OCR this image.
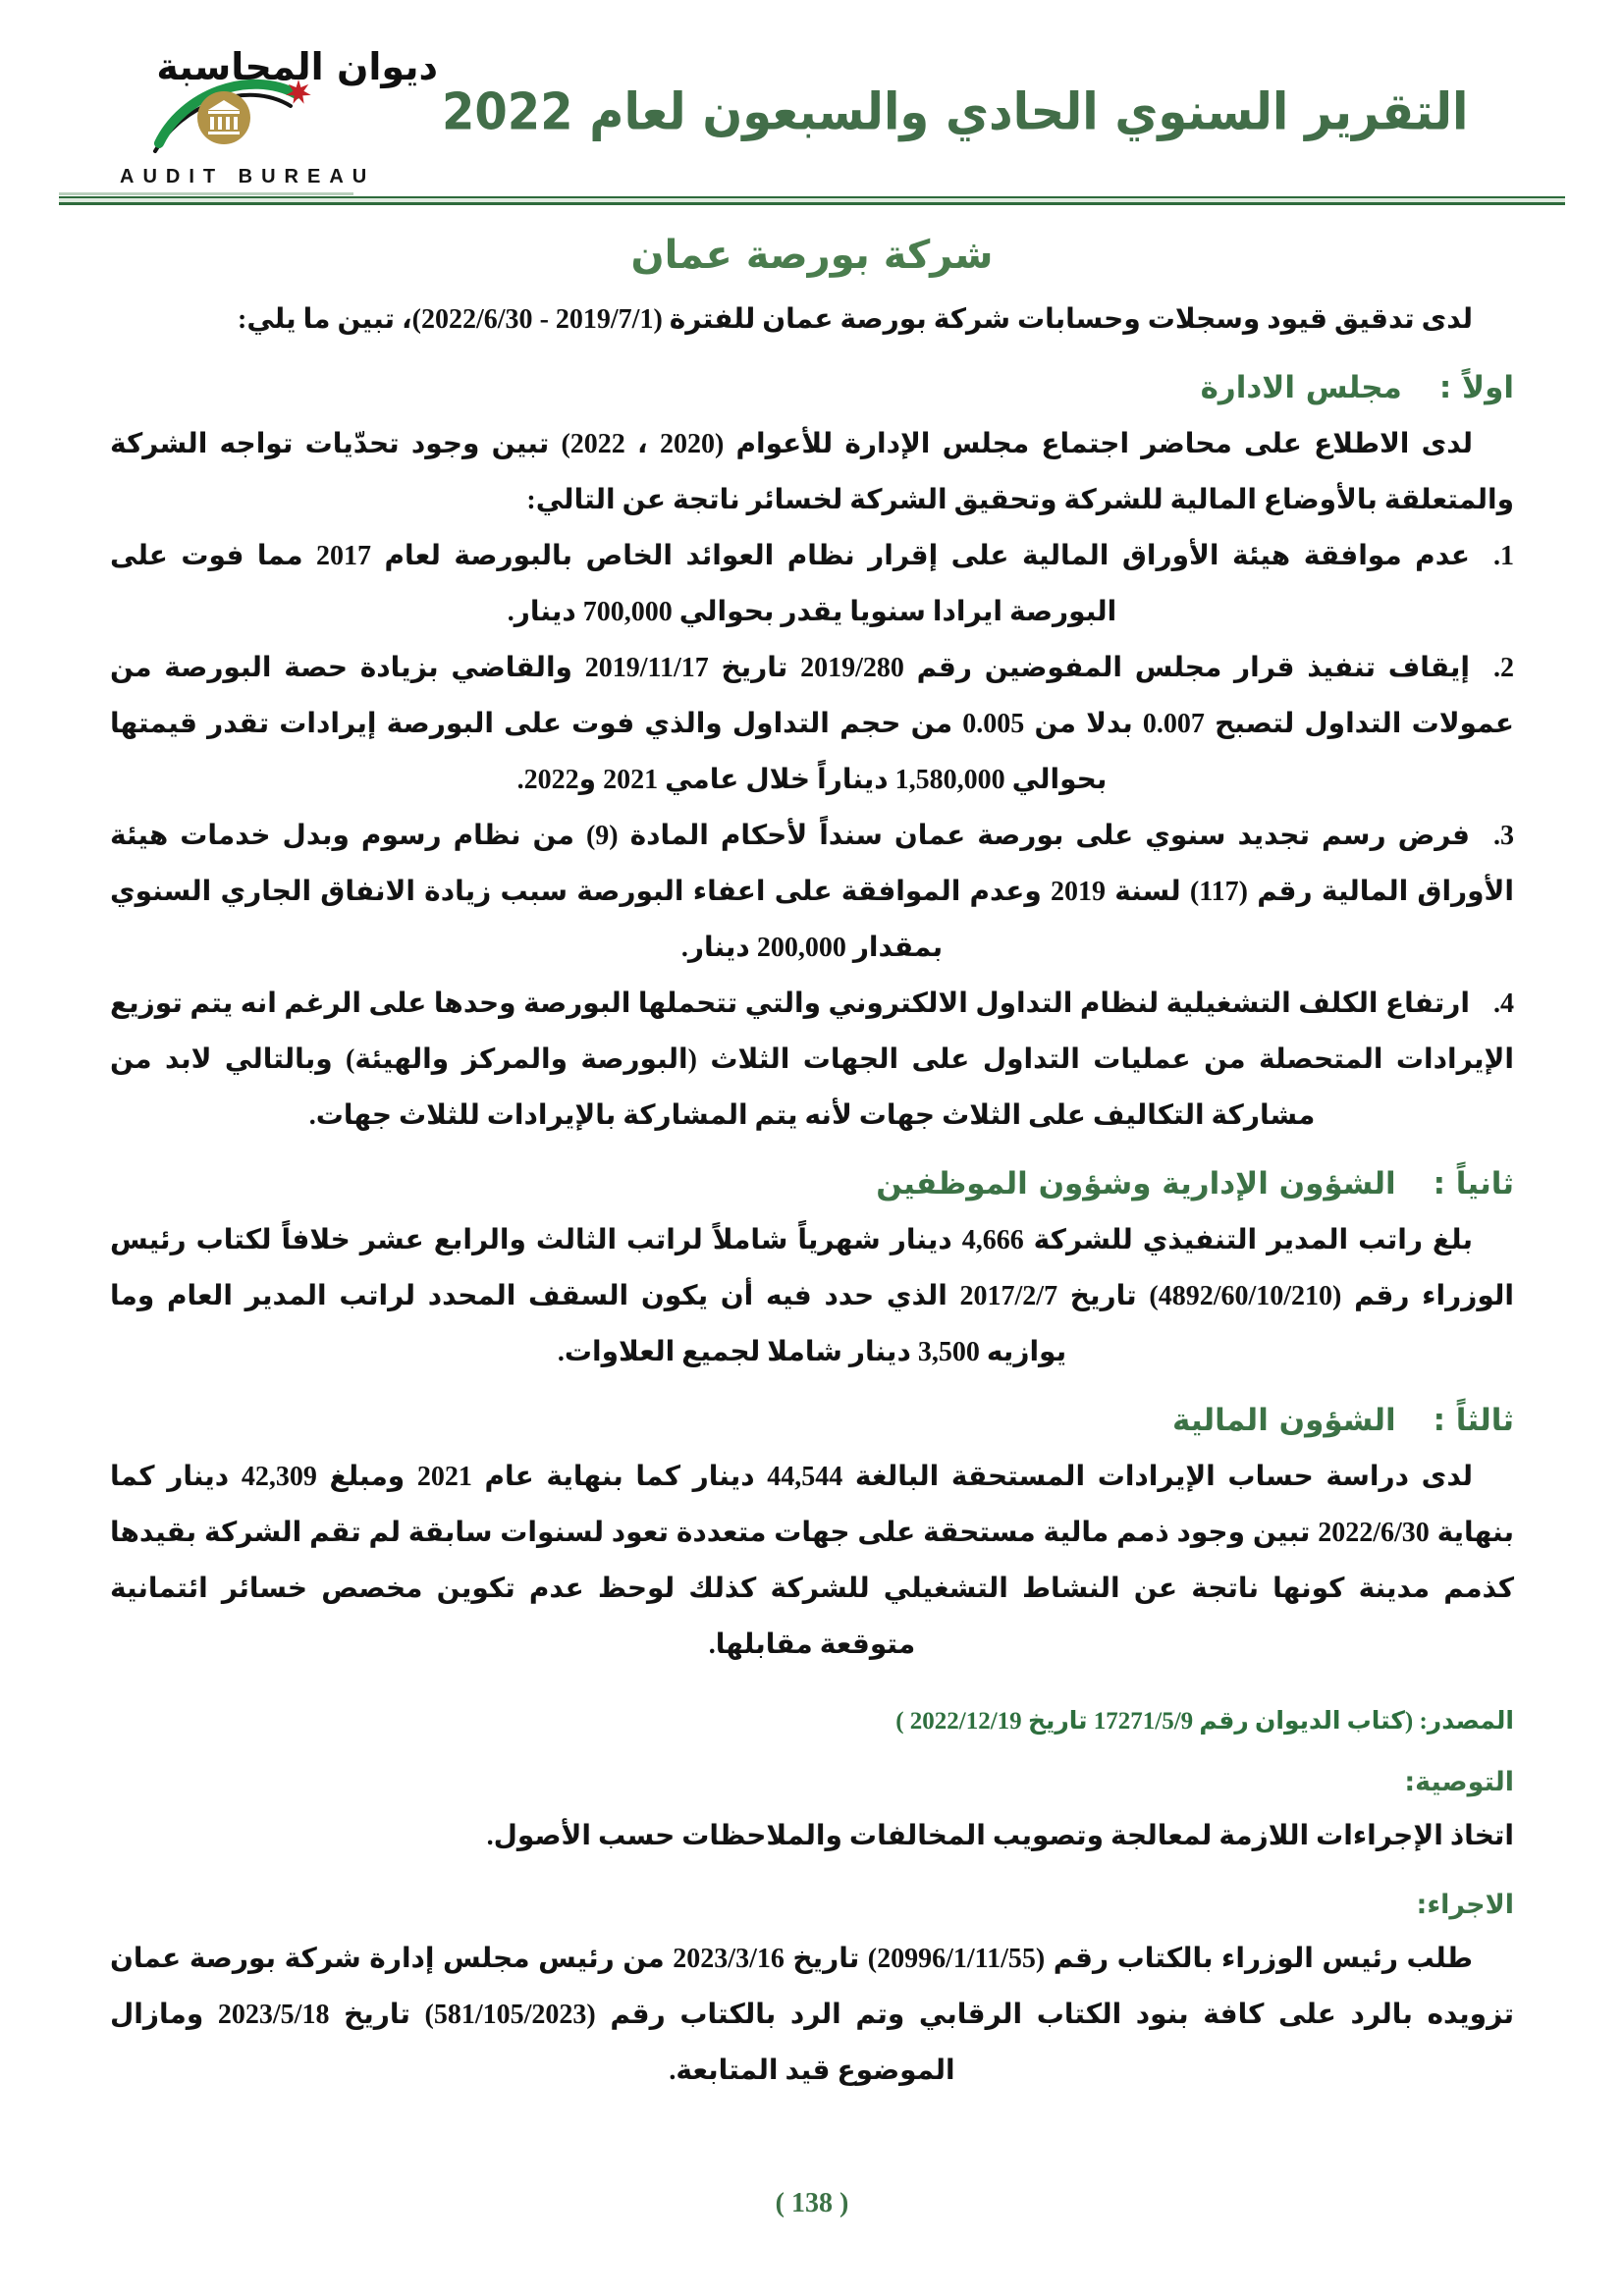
ديوان المحاسبة
AUDIT BUREAU
التقرير السنوي الحادي والسبعون لعام 2022
شركة بورصة عمان

لدى تدقيق قيود وسجلات وحسابات شركة بورصة عمان للفترة (2019/7/1 - 2022/6/30)، تبين ما يلي:

اولاً :مجلس الادارة

لدى الاطلاع على محاضر اجتماع مجلس الإدارة للأعوام (2020 ، 2022) تبين وجود تحدّيات تواجه الشركة والمتعلقة بالأوضاع المالية للشركة وتحقيق الشركة لخسائر ناتجة عن التالي:

1.عدم موافقة هيئة الأوراق المالية على إقرار نظام العوائد الخاص بالبورصة لعام 2017 مما فوت على البورصة ايرادا سنويا يقدر بحوالي 700,000 دينار.

2.إيقاف تنفيذ قرار مجلس المفوضين رقم 2019/280 تاريخ 2019/11/17 والقاضي بزيادة حصة البورصة من عمولات التداول لتصبح 0.007 بدلا من 0.005 من حجم التداول والذي فوت على البورصة إيرادات تقدر قيمتها بحوالي 1,580,000 ديناراً خلال عامي 2021 و2022.

3.فرض رسم تجديد سنوي على بورصة عمان سنداً لأحكام المادة (9) من نظام رسوم وبدل خدمات هيئة الأوراق المالية رقم (117) لسنة 2019 وعدم الموافقة على اعفاء البورصة سبب زيادة الانفاق الجاري السنوي بمقدار 200,000 دينار.

4.ارتفاع الكلف التشغيلية لنظام التداول الالكتروني والتي تتحملها البورصة وحدها على الرغم انه يتم توزيع الإيرادات المتحصلة من عمليات التداول على الجهات الثلاث (البورصة والمركز والهيئة) وبالتالي لابد من مشاركة التكاليف على الثلاث جهات لأنه يتم المشاركة بالإيرادات للثلاث جهات.

ثانياً :الشؤون الإدارية وشؤون الموظفين

بلغ راتب المدير التنفيذي للشركة 4,666 دينار شهرياً شاملاً لراتب الثالث والرابع عشر خلافاً لكتاب رئيس الوزراء رقم (4892/60/10/210) تاريخ 2017/2/7 الذي حدد فيه أن يكون السقف المحدد لراتب المدير العام وما يوازيه 3,500 دينار شاملا لجميع العلاوات.

ثالثاً :الشؤون المالية

لدى دراسة حساب الإيرادات المستحقة البالغة 44,544 دينار كما بنهاية عام 2021 ومبلغ 42,309 دينار كما بنهاية 2022/6/30 تبين وجود ذمم مالية مستحقة على جهات متعددة تعود لسنوات سابقة لم تقم الشركة بقيدها كذمم مدينة كونها ناتجة عن النشاط التشغيلي للشركة كذلك لوحظ عدم تكوين مخصص خسائر ائتمانية متوقعة مقابلها.

المصدر: (كتاب الديوان رقم 17271/5/9 تاريخ 2022/12/19 )

التوصية:

اتخاذ الإجراءات اللازمة لمعالجة وتصويب المخالفات والملاحظات حسب الأصول.

الاجراء:

طلب رئيس الوزراء بالكتاب رقم (20996/1/11/55) تاريخ 2023/3/16 من رئيس مجلس إدارة شركة بورصة عمان تزويده بالرد على كافة بنود الكتاب الرقابي وتم الرد بالكتاب رقم (581/105/2023) تاريخ 2023/5/18 ومازال الموضوع قيد المتابعة.

( 138 )
